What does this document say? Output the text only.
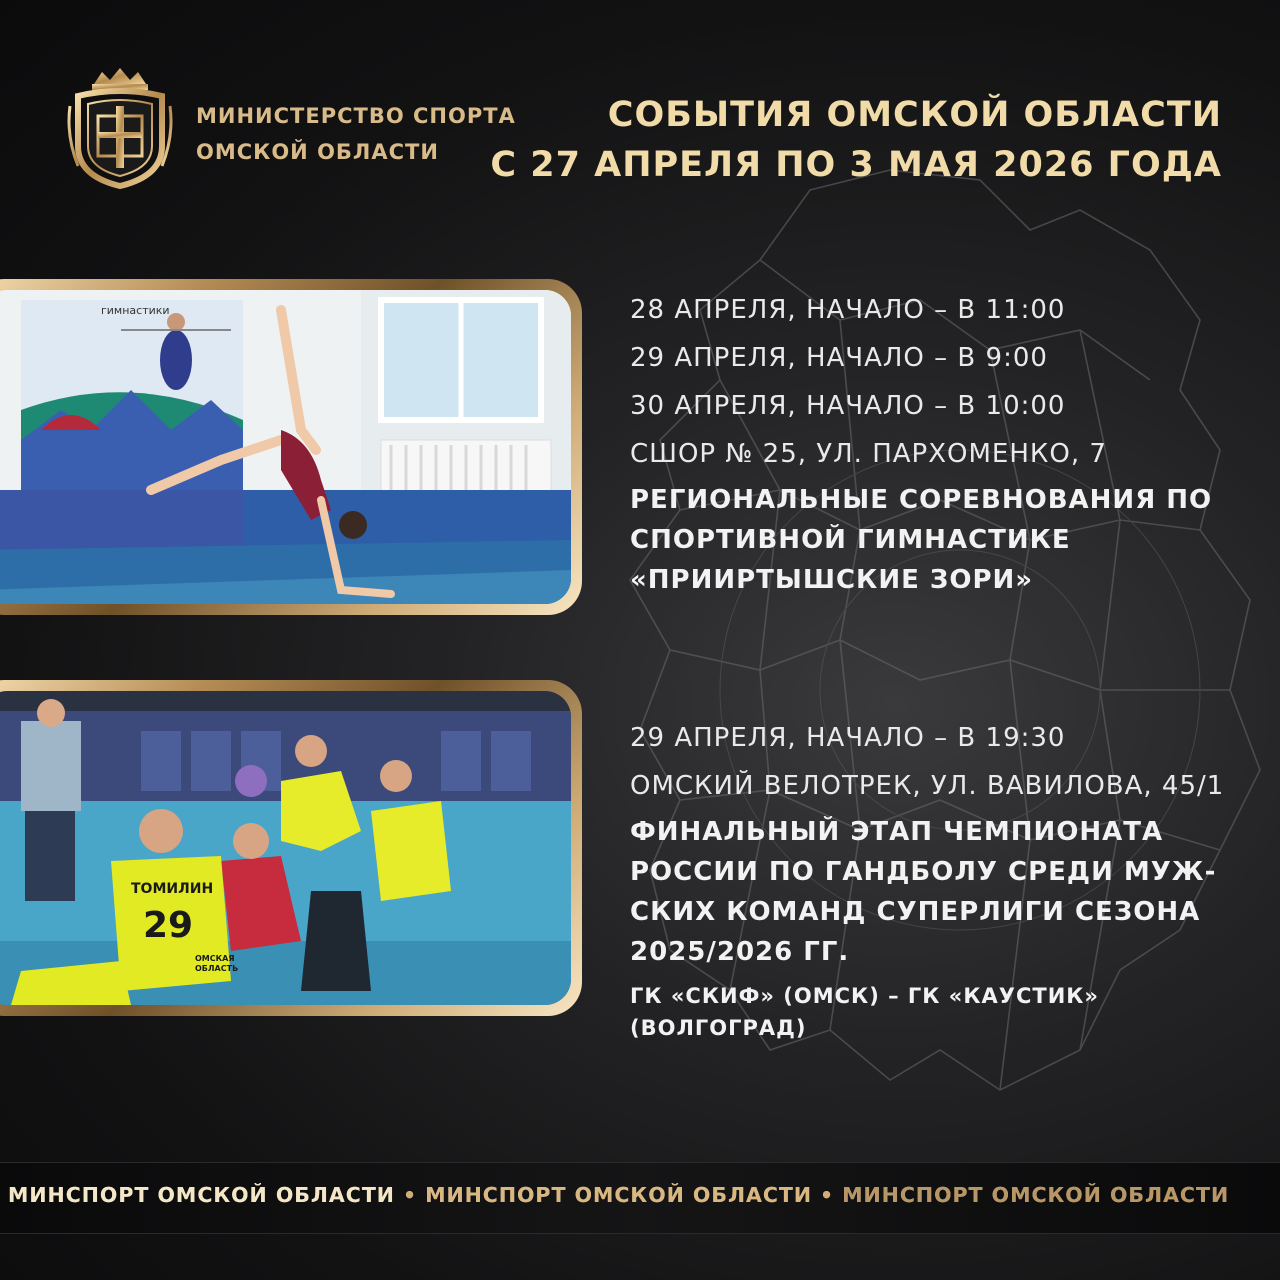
МИНИСТЕРСТВО СПОРТА
ОМСКОЙ ОБЛАСТИ
СОБЫТИЯ ОМСКОЙ ОБЛАСТИ
С 27 АПРЕЛЯ ПО 3 МАЯ 2026 ГОДА
гимнастики
ТОМИЛИН
29
ОМСКАЯ
ОБЛАСТЬ
28 АПРЕЛЯ, НАЧАЛО – В 11:00
29 АПРЕЛЯ, НАЧАЛО – В 9:00
30 АПРЕЛЯ, НАЧАЛО – В 10:00
СШОР № 25, УЛ. ПАРХОМЕНКО, 7
РЕГИОНАЛЬНЫЕ СОРЕВНОВАНИЯ ПО
СПОРТИВНОЙ ГИМНАСТИКЕ
«ПРИИРТЫШСКИЕ ЗОРИ»
29 АПРЕЛЯ, НАЧАЛО – В 19:30
ОМСКИЙ ВЕЛОТРЕК, УЛ. ВАВИЛОВА, 45/1
ФИНАЛЬНЫЙ ЭТАП ЧЕМПИОНАТА
РОССИИ ПО ГАНДБОЛУ СРЕДИ МУЖ-
СКИХ КОМАНД СУПЕРЛИГИ СЕЗОНА
2025/2026 ГГ.
ГК «СКИФ» (ОМСК) – ГК «КАУСТИК»
(ВОЛГОГРАД)
МИНСПОРТ ОМСКОЙ ОБЛАСТИ • МИНСПОРТ ОМСКОЙ ОБЛАСТИ • МИНСПОРТ ОМСКОЙ ОБЛАСТИ
